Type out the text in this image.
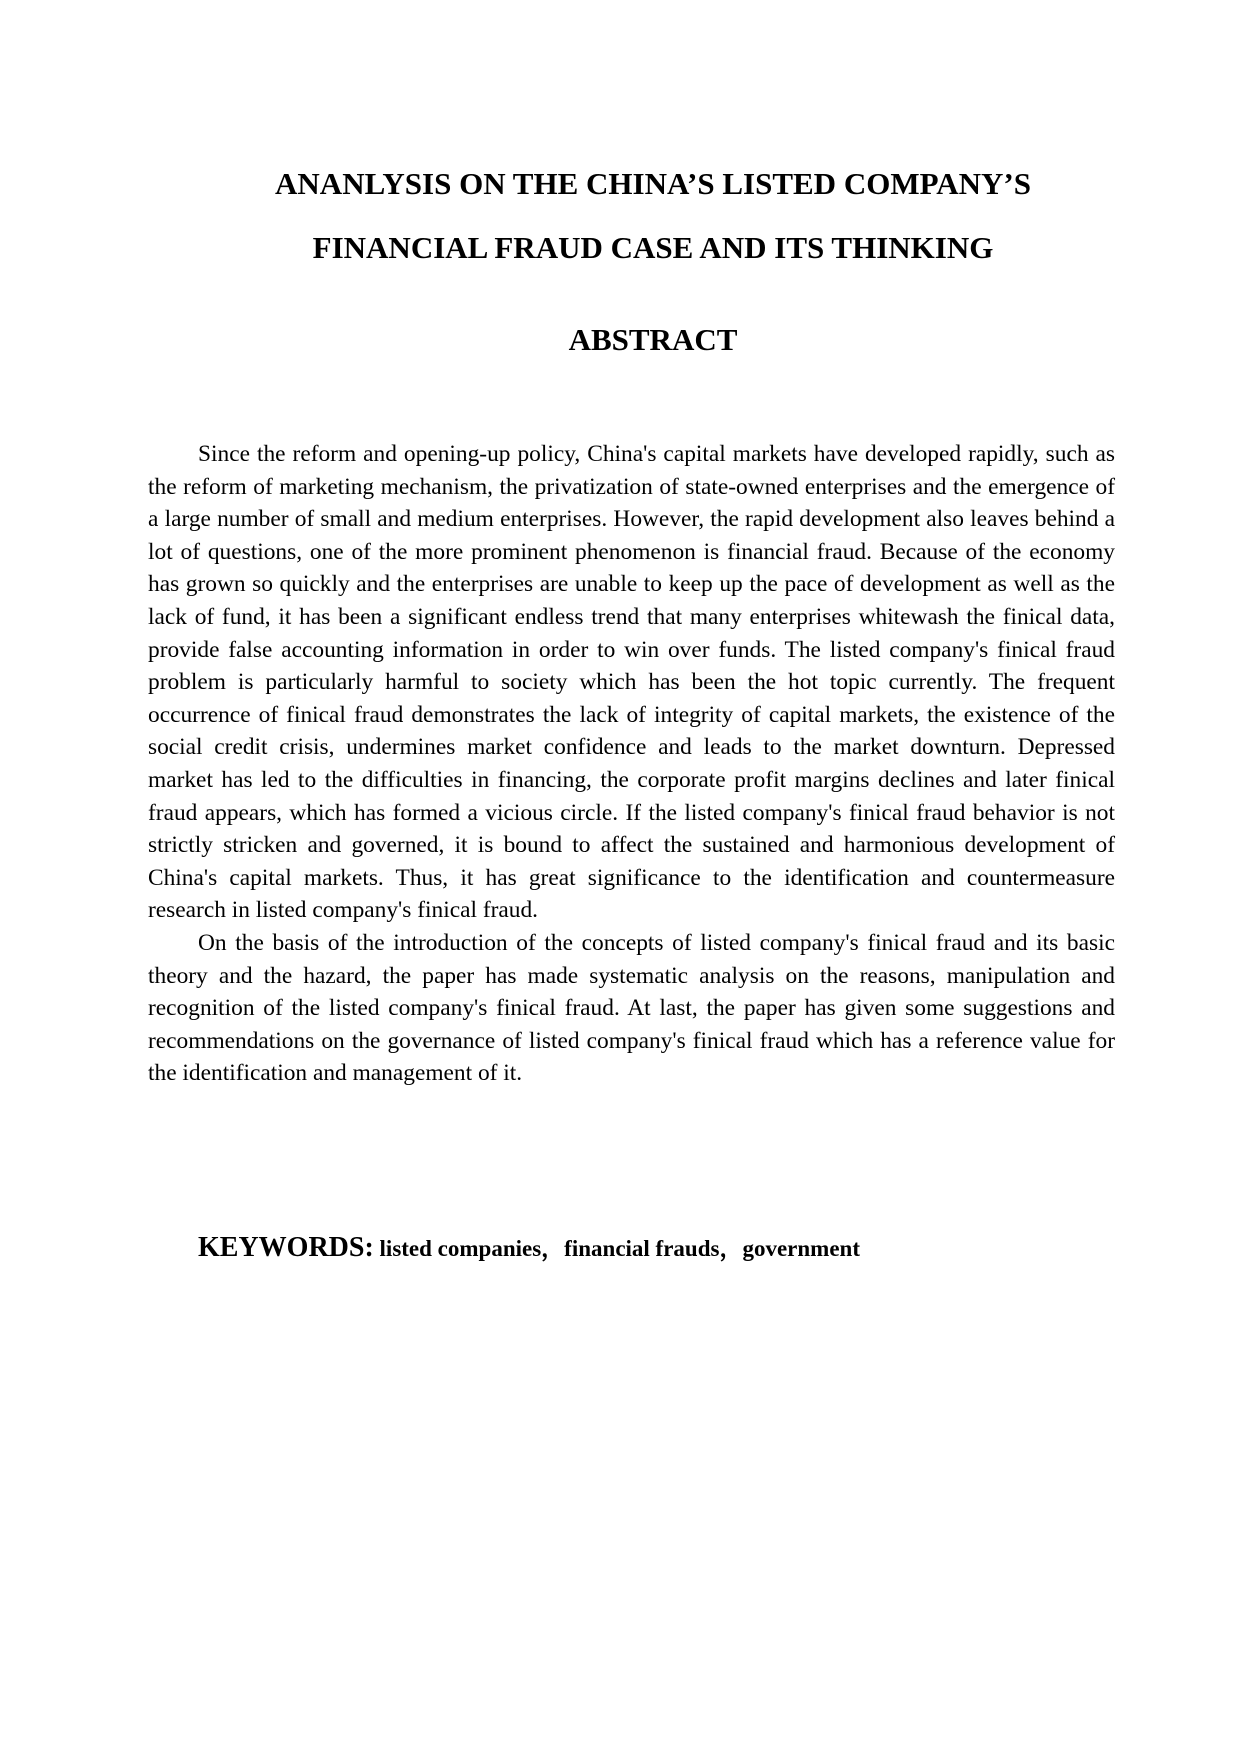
ANANLYSIS ON THE CHINA’S LISTED COMPANY’S
FINANCIAL FRAUD CASE AND ITS THINKING
ABSTRACT

Since the reform and opening-up policy, China's capital markets have developed rapidly, such as the reform of marketing mechanism, the privatization of state-owned enterprises and the emergence of a large number of small and medium enterprises. However, the rapid development also leaves behind a lot of questions, one of the more prominent phenomenon is financial fraud. Because of the economy has grown so quickly and the enterprises are unable to keep up the pace of development as well as the lack of fund, it has been a significant endless trend that many enterprises whitewash the finical data, provide false accounting information in order to win over funds. The listed company's finical fraud problem is particularly harmful to society which has been the hot topic currently. The frequent occurrence of finical fraud demonstrates the lack of integrity of capital markets, the existence of the social credit crisis, undermines market confidence and leads to the market downturn. Depressed market has led to the difficulties in financing, the corporate profit margins declines and later finical fraud appears, which has formed a vicious circle. If the listed company's finical fraud behavior is not strictly stricken and governed, it is bound to affect the sustained and harmonious development of China's capital markets. Thus, it has great significance to the identification and countermeasure research in listed company's finical fraud.

On the basis of the introduction of the concepts of listed company's finical fraud and its basic theory and the hazard, the paper has made systematic analysis on the reasons, manipulation and recognition of the listed company's finical fraud. At last, the paper has given some suggestions and recommendations on the governance of listed company's finical fraud which has a reference value for the identification and management of it.

KEYWORDS: listed companies，financial frauds，government
